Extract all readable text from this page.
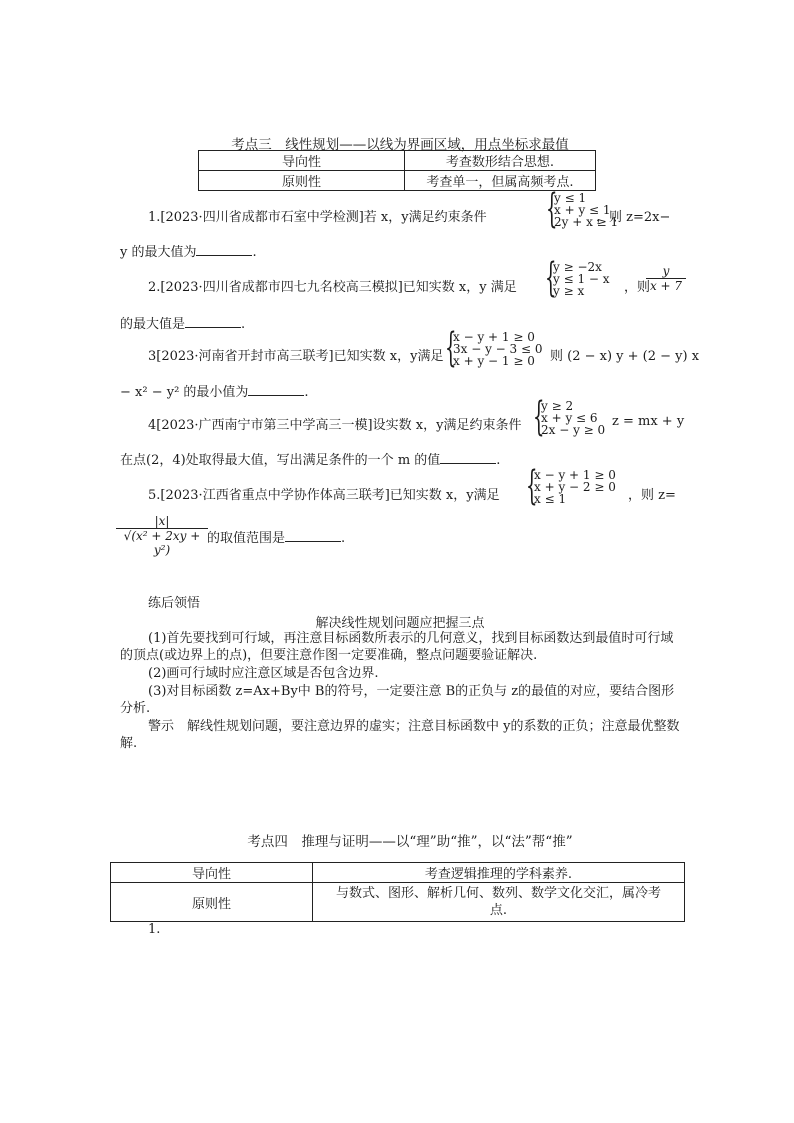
考点三　线性规划——以线为界画区域，用点坐标求最值
导向性	考查数形结合思想.
原则性	考查单一，但属高频考点.
1.[2023·四川省成都市石室中学检测]若 x，y满足约束条件 {
y ≤ 1
x + y ≤ 1
2y + x ≥ 1
，则 z=2x−
y 的最大值为	.
2.[2023·四川省成都市四七九名校高三模拟]已知实数 x，y 满足 {
y ≥ −2x
y ≤ 1 − x
y ≥ x	，则
$\frac{y}{x + 7}$
的最大值是	.
3[2023·河南省开封市高三联考]已知实数 x，y满足 {
x − y + 1 ≥ 0
3x − y − 3 ≤ 0
x + y − 1 ≥ 0	则 (2 − x) y + (2 − y) x
− x² − y² 的最小值为	.
4[2023·广西南宁市第三中学高三一模]设实数 x，y满足约束条件 {
y ≥ 2
x + y ≤ 6
2x − y ≥ 0
z = mx + y
在点(2，4)处取得最大值，写出满足条件的一个 m 的值	.
5.[2023·江西省重点中学协作体高三联考]已知实数 x，y满足 {
x − y + 1 ≥ 0
x + y − 2 ≥ 0
x ≤ 1	，则 z=
$\frac{|x|}{\text{√(x² + 2xy + y²)}}$ 的取值范围是	.
练后领悟
解决线性规划问题应把握三点
(1)首先要找到可行域，再注意目标函数所表示的几何意义，找到目标函数达到最值时可行域的顶点(或边界上的点)，但要注意作图一定要准确，整点问题要验证解决.
(2)画可行域时应注意区域是否包含边界.
(3)对目标函数 z=Ax+By中 B的符号，一定要注意 B的正负与 z的最值的对应，要结合图形分析.
警示　解线性规划问题，要注意边界的虚实；注意目标函数中 y的系数的正负；注意最优整数解.
考点四　推理与证明——以“理”助“推”，以“法”帮“推”
导向性	考查逻辑推理的学科素养.
原则性	与数式、图形、解析几何、数列、数学文化交汇，属冷考点.
1.
